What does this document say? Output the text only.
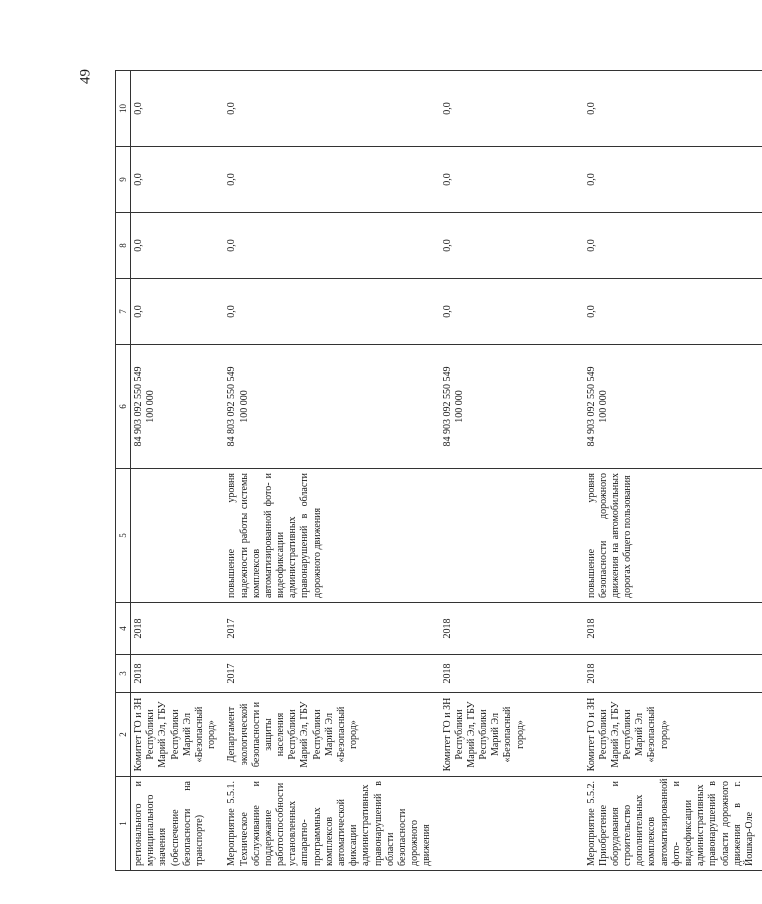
49
1	2	3	4	5	6	7	8	9	10
регионального и муниципального значения (обеспечение безопасности на транспорте)	Комитет ГО и ЗН Республики Марий Эл, ГБУ Республики Марий Эл «Безопасный город»	2018	2018		84 903 092 550 549 100 000	0,0	0,0	0,0	0,0
Мероприятие 5.5.1. Техническое обслуживание и поддержание работоспособности установленных аппаратно-программных комплексов автоматической фиксации административных правонарушений в области безопасности дорожного движения	Департамент экологической безопасности и защиты населения Республики Марий Эл, ГБУ Республики Марий Эл «Безопасный город»	2017	2017	повышение уровня надежности работы системы комплексов автоматизированной фото- и видеофиксации административных правонарушений в области дорожного движения	84 803 092 550 549 100 000	0,0	0,0	0,0	0,0
	Комитет ГО и ЗН Республики Марий Эл, ГБУ Республики Марий Эл «Безопасный город»	2018	2018		84 903 092 550 549 100 000	0,0	0,0	0,0	0,0
Мероприятие 5.5.2. Приобретение оборудования и строительство дополнительных комплексов автоматизированной фото- и видеофиксации административных правонарушений в области дорожного движения в г. Йошкар-Оле	Комитет ГО и ЗН Республики Марий Эл, ГБУ Республики Марий Эл «Безопасный город»	2018	2018	повышение уровня безопасности дорожного движения на автомобильных дорогах общего пользования	84 903 092 550 549 100 000	0,0	0,0	0,0	0,0
